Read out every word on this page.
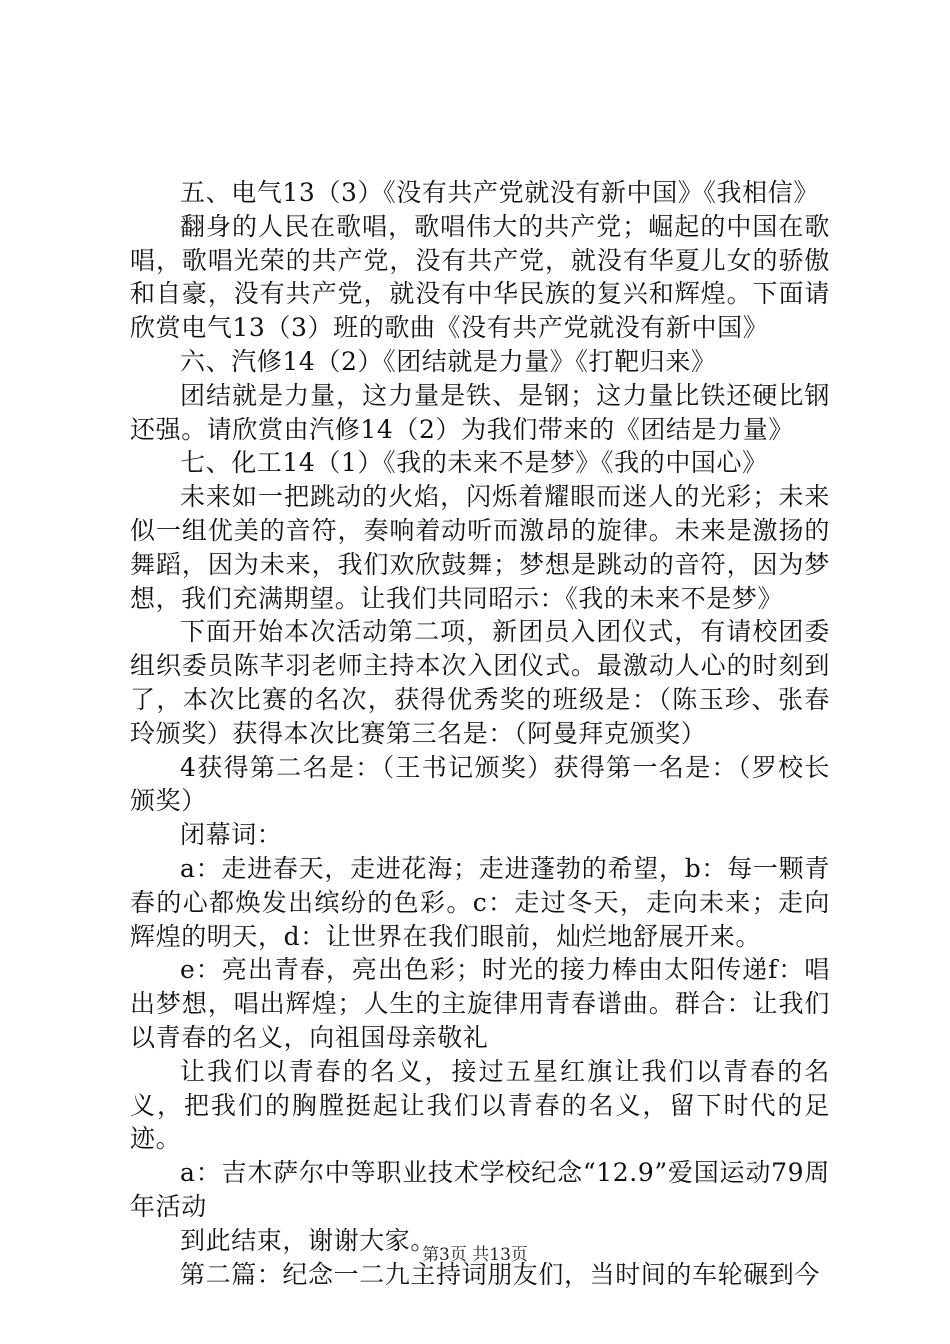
五、电气13（3）《没有共产党就没有新中国》《我相信》

翻身的人民在歌唱，歌唱伟大的共产党；崛起的中国在歌唱，歌唱光荣的共产党，没有共产党，就没有华夏儿女的骄傲和自豪，没有共产党，就没有中华民族的复兴和辉煌。下面请欣赏电气13（3）班的歌曲《没有共产党就没有新中国》

六、汽修14（2）《团结就是力量》《打靶归来》

团结就是力量，这力量是铁、是钢；这力量比铁还硬比钢还强。请欣赏由汽修14（2）为我们带来的《团结是力量》

七、化工14（1）《我的未来不是梦》《我的中国心》

未来如一把跳动的火焰，闪烁着耀眼而迷人的光彩；未来似一组优美的音符，奏响着动听而激昂的旋律。未来是激扬的舞蹈，因为未来，我们欢欣鼓舞；梦想是跳动的音符，因为梦想，我们充满期望。让我们共同昭示：《我的未来不是梦》

下面开始本次活动第二项，新团员入团仪式，有请校团委组织委员陈芊羽老师主持本次入团仪式。最激动人心的时刻到了，本次比赛的名次，获得优秀奖的班级是：（陈玉珍、张春玲颁奖）获得本次比赛第三名是：（阿曼拜克颁奖）

4获得第二名是：（王书记颁奖）获得第一名是：（罗校长颁奖）

闭幕词：

a：走进春天，走进花海；走进蓬勃的希望，b：每一颗青春的心都焕发出缤纷的色彩。c：走过冬天，走向未来；走向辉煌的明天，d：让世界在我们眼前，灿烂地舒展开来。

e：亮出青春，亮出色彩；时光的接力棒由太阳传递f：唱出梦想，唱出辉煌；人生的主旋律用青春谱曲。群合：让我们以青春的名义，向祖国母亲敬礼

让我们以青春的名义，接过五星红旗让我们以青春的名义，把我们的胸膛挺起让我们以青春的名义，留下时代的足迹。

a：吉木萨尔中等职业技术学校纪念“12.9”爱国运动79周年活动

到此结束，谢谢大家。

第二篇：纪念一二九主持词朋友们，当时间的车轮碾到今

第3页 共13页
